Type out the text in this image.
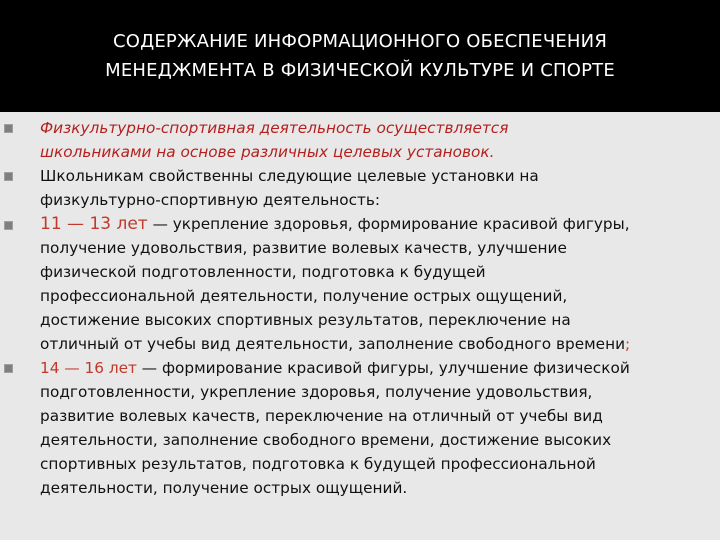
СОДЕРЖАНИЕ ИНФОРМАЦИОННОГО ОБЕСПЕЧЕНИЯ
МЕНЕДЖМЕНТА В ФИЗИЧЕСКОЙ КУЛЬТУРЕ И СПОРТЕ
Физкультурно-спортивная деятельность осуществляется
школьниками на основе различных целевых установок.
Школьникам свойственны следующие целевые установки на
физкультурно-спортивную деятельность:
11 — 13 лет — укрепление здоровья, формирование красивой фигуры,
получение удовольствия, развитие волевых качеств, улучшение
физической подготовленности, подготовка к будущей
профессиональной деятельности, получение острых ощущений,
достижение высоких спортивных результатов, переключение на
отличный от учебы вид деятельности, заполнение свободного времени;
14 — 16 лет — формирование красивой фигуры, улучшение физической
подготовленности, укрепление здоровья, получение удовольствия,
развитие волевых качеств, переключение на отличный от учебы вид
деятельности, заполнение свободного времени, достижение высоких
спортивных результатов, подготовка к будущей профессиональной
деятельности, получение острых ощущений.
